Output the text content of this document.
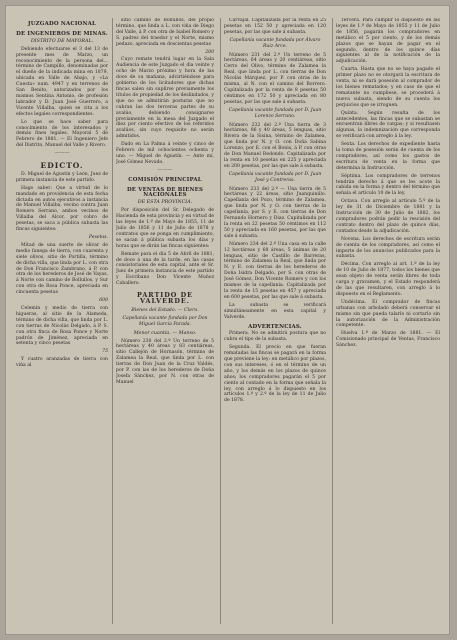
JUZGADO NACIONAL
DE INGENIEROS DE MINAS.
DISTRITO DE MAYORAL.

Debiendo efectuarse el 3 del 13 de presente mes de Marzo, un reconocimiento de la persona del... término de Campillo, denominadas por el dueño de la indicada mina en 1879, ubicada en Valle de Abajo, y «La Cuesta» num. 4947 y en terrenos de San Benito, autorizados por los mismos Sentina Antonio, de profesión labrador y D. Juan José Guerrero, a Vicente Villalba, quien se cita a los efectos legales correspondientes.

Lo que se hace saber para conocimiento de los interesados y demás fines legales. Mayoral 5 de Febrero de 1881. — El Ingeniero Jefe del Distrito, Manuel del Valle y Rivero.

———
EDICTO.

D. Miguel de Agustín y León, Juez de primera instancia de este partido.

Hago saber: Que a virtud de lo mandado en providencia de esta fecha dictada en autos ejecutivos a instancia de Manuel Villalba, vecino contra Juan Romero Serrano, ambos vecinos de Villalba del Alcor, por cobro de pesetas, se saca a pública subasta las fincas siguientes:

Pesetas.

Mitad de una suerte de olivar de medio fanega de tierra, con cuarenta y siete olivos, sitio de Portilla, término de dicha villa, que linda por L. con otra de Don Francisco Zambrano, á P. con otra de los herederos de José de Vayas, á Norte con camino de Bollullos, y Sur con otra de Rosa Ponce, apreciada en cincuenta pesetas

600

Celemín y medio de tierra con higueras, al sitio de la Alameda, término de dicha villa, que linda por L. con tierras de Nicolás Delgado, á P. S. con otra finca de Rosa Ponce y Norte padrón de Jiménez, apreciada en setenta y cinco pesetas

75

Y cuatro aranzadas de tierra con viña al

sitio camino de Bollullos, del propio término, que linda a L. con viña de Diego del Valle, á P. con otra de Isabel Romero y S. padres del traedor y el Norte, mismo pedazo, apreciada en doscientas pesetas

200

Cuyo remate tendrá lugar en la Sala Audiencia de este Juzgado el dia veinte y ocho de Marzo próximo y hora de las doce de su mañana, advirtiéndose para gobierno de los licitadores que dichas fincas salen sin suplirse previamente los títulos de propiedad de los deslindados, y que no se admitirán posturas que no cubran las dos terceras partes de su avalúo, debiendo consignarse previamente en la mesa del Juzgado el diez por ciento efectivo de los referidos avalúos, sin cuyo requisito no serán admitidos.

Dado en La Palma á veinte y cinco de Febrero de mil ochocientos ochenta y uno. — Miguel de Agustín. — Ante mí, José Gómez Nevado.

———
COMISIÓN PRINCIPAL
DE VENTAS DE BIENES NACIONALES
DE ESTA PROVINCIA.

Por disposición del Sr. Delegado de Hacienda de esta provincia y en virtud de las leyes de 1.º de Mayo de 1855, 11 de Julio de 1856 y 11 de Julio de 1878 y contratos que se ponga en cumplimiento, se sacan á pública subasta los días y horas que se dirán las fincas siguientes:

Remate para el día 5 de Abril de 1881, de doce á una de la tarde, en las casas consistoriales de esta capital, ante el Sr. Juez de primera instancia de este partido y Escribano Don Vicente Muñoz Caballero.

PARTIDO DE VALVERDE.
Bienes del Estado. — Clero.
Capellanía vacante fundada por Don Miguel García Parada.
Menor cuantía. — Manso.

Número 230 del 2.º Un terreno de 5 hectáreas y 40 áreas y 83 centiáreas, sitio Callejón de Hornasón, término de Zalamea la Real, que linda por L. con tierras de Don Juan de la Cruz Valdés, por P. con las de los herederos de Doña Josefa Sánchez, por N. con otras de Manuel

Carvajal. Capitalizada por la renta en 25 pesetas en 152 50 y apreciada en 120 pesetas, por las que sale á subasta.

Capellanía vacante fundada por Álvaro Ruiz Arce.

Número 231 del 2.º Un terreno de 5 hectáreas, 64 áreas y 20 centiáreas, sitio Cerro del Olivo, término de Zalamea la Real, que linda por L. con tierras de Don Nicolás Márquez, por P. con otras de la misma, al N. con el camino del Borrero. Capitalizada por la renta de 8 pesetas 50 céntimos en 172 50 y apreciada en 80 pesetas, por las que sale á subasta.

Capellanía vacante fundada por D. Juan Lorenzo Serrano.

Número 232 del 2.º Una tierra de 3 hectáreas, 86 y 40 áreas, 5 lenguas, sitio Rivera de la Sisina, término de Zalamea, que linda por N. y O. con Doña Sabina Lorenzo, por E. con el Bonis, á P. con otras de Don Manuel Redondo. Capitalizada por la renta en 10 pesetas en 225 y apreciada en 200 pesetas, por las que sale á subasta.

Capellanía vacante fundada por D. Juan José y Contreras.

Número 233 del 2.º — Una tierra de 5 hectáreas y 22 áreas, sitio Juanquinillo. Capellanía del Pozo, término de Zalamea, que linda por N. y O. con tierras de la capellanía, por S. y E. con tierras de Don Fernando Hornero y Diaz. Capitalizada por la renta en 22 pesetas 50 céntimos en 112 50 y apreciada en 160 pesetas, por las que sale á subasta.

Número 234 del 2.º Una casa en la calle 12 hectáreas y 68 áreas, 5 ánimas de 20 lenguas, sitio de Castillo de Barreras, término de Zalamea la Real, que linda por N. y E. con tierras de los herederos de Doña Isidra Delgado, por S. con otras de José Gómez, Don Vicente Romero y con los mismos de la capellanía. Capitalizada por la renta de 15 pesetas en 457 y apreciada en 600 pesetas, por las que sale á subasta.

La subasta se verificará simultáneamente en esta capital y Valverde.

ADVERTENCIAS.

Primera. No se admitirá postura que no cubra el tipo de la subasta.

Segunda. El precio en que fueran rematadas las fincas se pagará en la forma que previene la ley: en metálico por plazos, con sus intereses, ó en el término de un año, y los demás en los plazos de quince años; los compradores pagarán el 5 por ciento al contado en la forma que señala la ley, con arreglo á lo dispuesto en los artículos 1.º y 2.º de la ley de 11 de Julio de 1878.

Tercera. Para cumplir lo dispuesto en las leyes de 1.º de Mayo de 1855 y 11 de Julio de 1856, pagarán los compradores en metálico el 5 por ciento, y de los demás plazos que se hayan de pagar en el segundo, dentro de los quince días siguientes al de la notificación de la adjudicación.

Cuarta. Hasta que no se haya pagado el primer plazo no se otorgará la escritura de venta, ni se dará posesión al comprador de los bienes rematados; y en caso de que el rematante no cumpliese, se procederá á nueva subasta, siendo de su cuenta los perjuicios que se irroguen.

Quinta. Según resulta de los antecedentes, las fincas que se subastan se encuentran libres de cargas; y si resultasen algunas, la indemnización que corresponda se verificará con arreglo á la ley.

Sexta. Los derechos de expediente hasta la toma de posesión serán de cuenta de los compradores, así como los gastos de escritura de venta en la forma que determina la Instrucción.

Séptima. Los compradores de terrenos tendrán derecho á que se les acote la cabida en la forma y dentro del término que señala el artículo 10 de la ley.

Octava. Con arreglo al artículo 5.º de la ley de 31 de Diciembre de 1881 y la Instrucción de 30 de Julio de 1882, los compradores podrán pedir la rescisión del contrato dentro del plazo de quince días, contados desde la adjudicación.

Novena. Los derechos de escritura serán de cuenta de los compradores, así como el importe de los anuncios publicados para la subasta.

Décima. Con arreglo al art. 1.º de la ley de 10 de Julio de 1877, todos los bienes que sean objeto de venta serán libres de toda carga y gravamen, y el Estado responderá de las que resultaren, con arreglo á lo dispuesto en el Reglamento.

Undécima. El comprador de fincas urbanas con arbolado deberá conservar el mismo sin que pueda talarlo ni cortarlo sin la autorización de la Administración competente.

Huelva 1.º de Marzo de 1881. — El Comisionado principal de Ventas, Francisco Sánchez.
